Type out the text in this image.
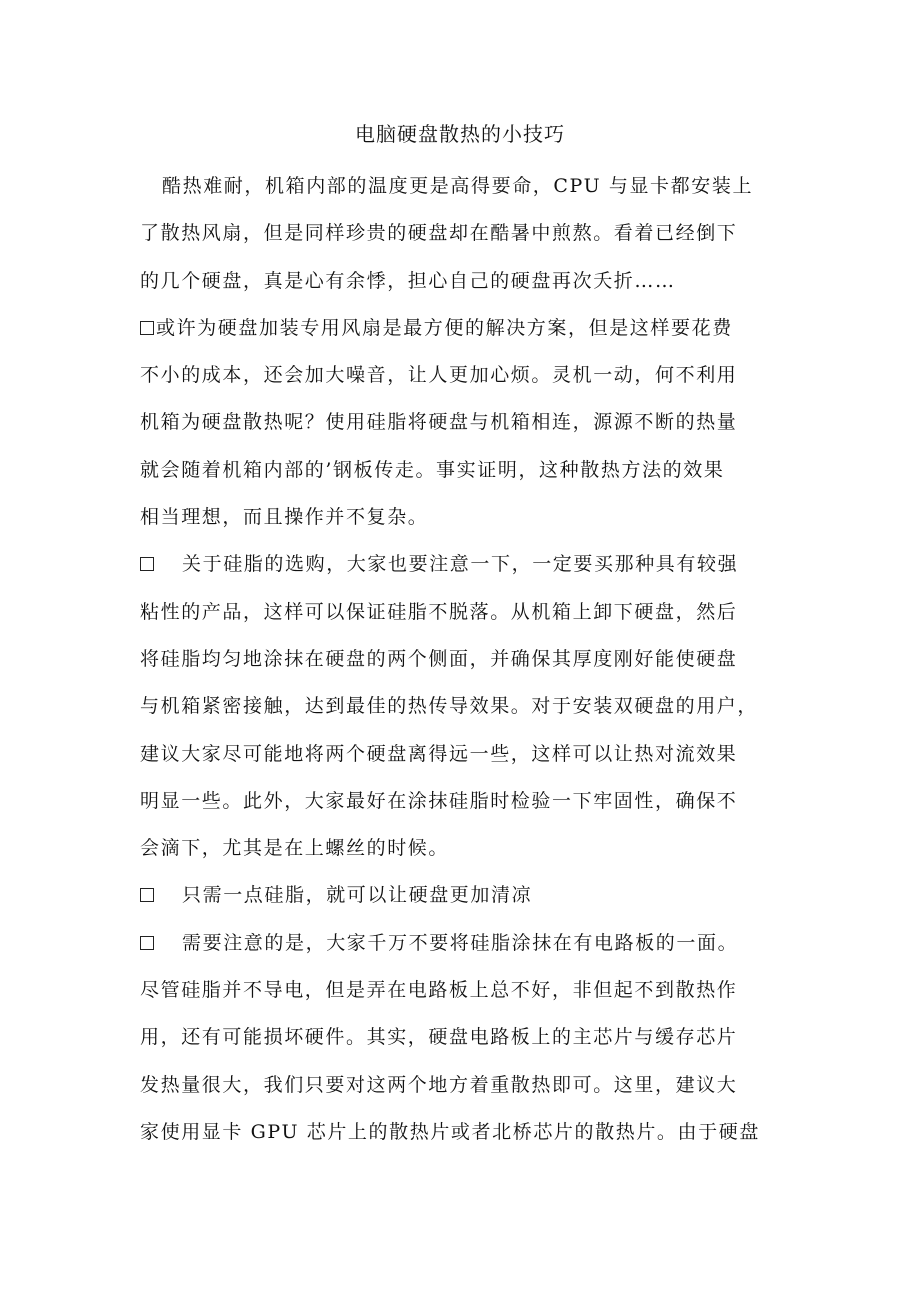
电脑硬盘散热的小技巧
酷热难耐，机箱内部的温度更是高得要命，CPU 与显卡都安装上
了散热风扇，但是同样珍贵的硬盘却在酷暑中煎熬。看着已经倒下
的几个硬盘，真是心有余悸，担心自己的硬盘再次夭折……
或许为硬盘加装专用风扇是最方便的解决方案，但是这样要花费
不小的成本，还会加大噪音，让人更加心烦。灵机一动，何不利用
机箱为硬盘散热呢？使用硅脂将硬盘与机箱相连，源源不断的热量
就会随着机箱内部的’钢板传走。事实证明，这种散热方法的效果
相当理想，而且操作并不复杂。
关于硅脂的选购，大家也要注意一下，一定要买那种具有较强
粘性的产品，这样可以保证硅脂不脱落。从机箱上卸下硬盘，然后
将硅脂均匀地涂抹在硬盘的两个侧面，并确保其厚度刚好能使硬盘
与机箱紧密接触，达到最佳的热传导效果。对于安装双硬盘的用户，
建议大家尽可能地将两个硬盘离得远一些，这样可以让热对流效果
明显一些。此外，大家最好在涂抹硅脂时检验一下牢固性，确保不
会滴下，尤其是在上螺丝的时候。
只需一点硅脂，就可以让硬盘更加清凉
需要注意的是，大家千万不要将硅脂涂抹在有电路板的一面。
尽管硅脂并不导电，但是弄在电路板上总不好，非但起不到散热作
用，还有可能损坏硬件。其实，硬盘电路板上的主芯片与缓存芯片
发热量很大，我们只要对这两个地方着重散热即可。这里，建议大
家使用显卡 GPU 芯片上的散热片或者北桥芯片的散热片。由于硬盘
